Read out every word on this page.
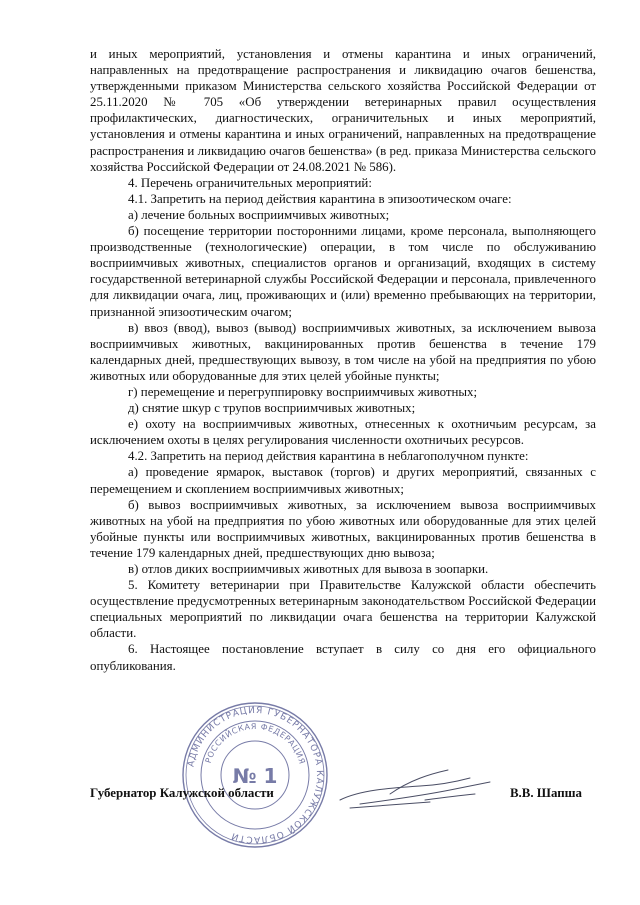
и иных мероприятий, установления и отмены карантина и иных ограничений, направленных на предотвращение распространения и ликвидацию очагов бешенства, утвержденными приказом Министерства сельского хозяйства Российской Федерации от 25.11.2020 № 705 «Об утверждении ветеринарных правил осуществления профилактических, диагностических, ограничительных и иных мероприятий, установления и отмены карантина и иных ограничений, направленных на предотвращение распространения и ликвидацию очагов бешенства» (в ред. приказа Министерства сельского хозяйства Российской Федерации от 24.08.2021 № 586).

4. Перечень ограничительных мероприятий:

4.1. Запретить на период действия карантина в эпизоотическом очаге:

а) лечение больных восприимчивых животных;

б) посещение территории посторонними лицами, кроме персонала, выполняющего производственные (технологические) операции, в том числе по обслуживанию восприимчивых животных, специалистов органов и организаций, входящих в систему государственной ветеринарной службы Российской Федерации и персонала, привлеченного для ликвидации очага, лиц, проживающих и (или) временно пребывающих на территории, признанной эпизоотическим очагом;

в) ввоз (ввод), вывоз (вывод) восприимчивых животных, за исключением вывоза восприимчивых животных, вакцинированных против бешенства в течение 179 календарных дней, предшествующих вывозу, в том числе на убой на предприятия по убою животных или оборудованные для этих целей убойные пункты;

г) перемещение и перегруппировку восприимчивых животных;

д) снятие шкур с трупов восприимчивых животных;

е) охоту на восприимчивых животных, отнесенных к охотничьим ресурсам, за исключением охоты в целях регулирования численности охотничьих ресурсов.

4.2. Запретить на период действия карантина в неблагополучном пункте:

а) проведение ярмарок, выставок (торгов) и других мероприятий, связанных с перемещением и скоплением восприимчивых животных;

б) вывоз восприимчивых животных, за исключением вывоза восприимчивых животных на убой на предприятия по убою животных или оборудованные для этих целей убойные пункты или восприимчивых животных, вакцинированных против бешенства в течение 179 календарных дней, предшествующих дню вывоза;

в) отлов диких восприимчивых животных для вывоза в зоопарки.

5. Комитету ветеринарии при Правительстве Калужской области обеспечить осуществление предусмотренных ветеринарным законодательством Российской Федерации специальных мероприятий по ликвидации очага бешенства на территории Калужской области.

6. Настоящее постановление вступает в силу со дня его официального опубликования.

АДМИНИСТРАЦИЯ ГУБЕРНАТОРА КАЛУЖСКОЙ ОБЛАСТИ
РОССИЙСКАЯ ФЕДЕРАЦИЯ
№ 1
Губернатор Калужской области	В.В. Шапша
